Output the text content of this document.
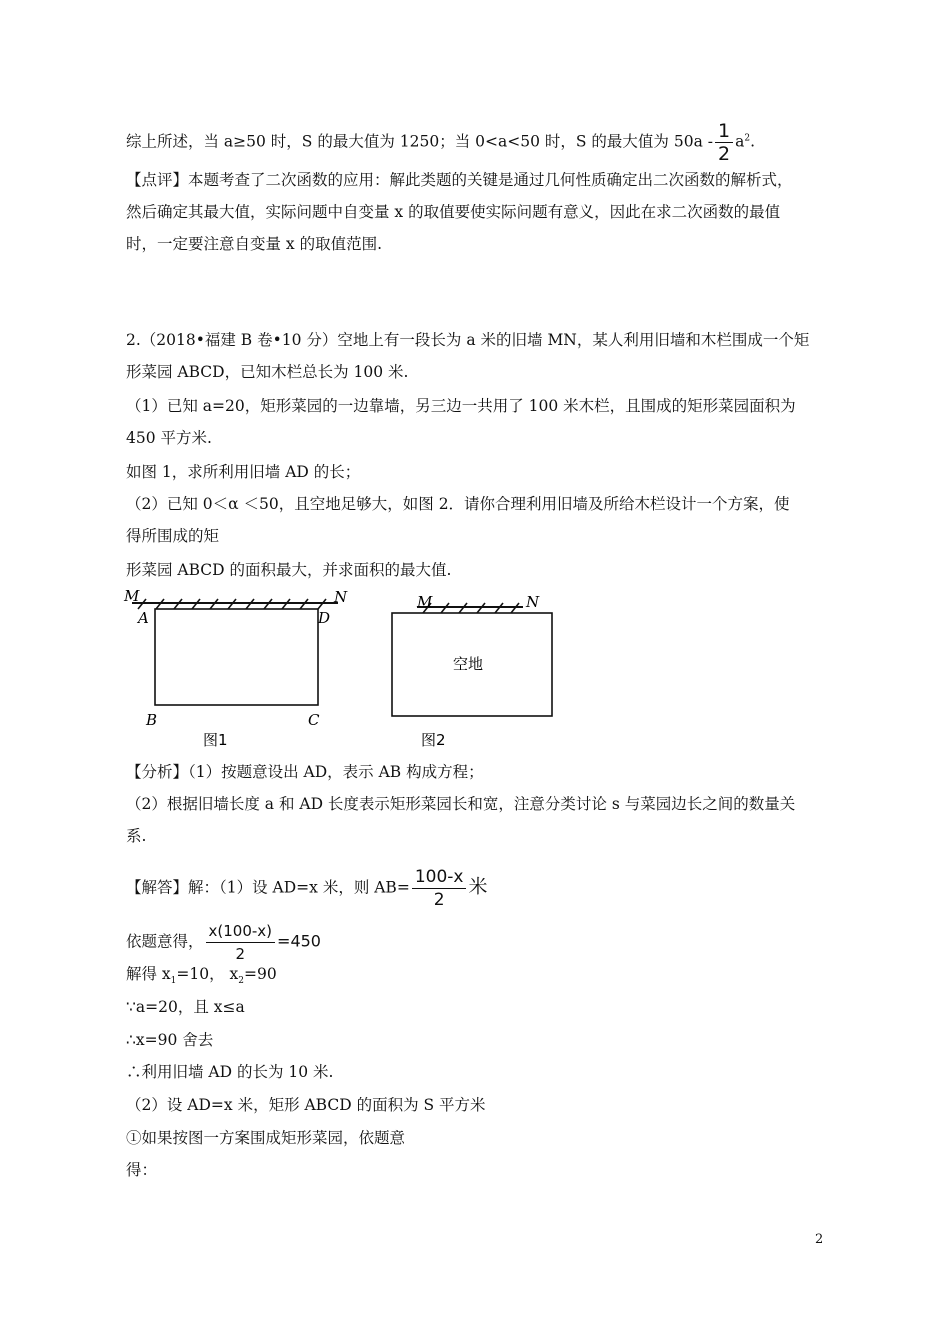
综上所述，当 a≥50 时，S 的最大值为 1250；当 0<a<50 时，S 的最大值为 $50a - \frac{1}{2} a^2$.
【点评】本题考查了二次函数的应用：解此类题的关键是通过几何性质确定出二次函数的解析式，
然后确定其最大值，实际问题中自变量 x 的取值要使实际问题有意义，因此在求二次函数的最值
时，一定要注意自变量 x 的取值范围.
2.（2018•福建 B 卷•10 分）空地上有一段长为 a 米的旧墙 MN，某人利用旧墙和木栏围成一个矩
形菜园 ABCD，已知木栏总长为 100 米.
（1）已知 a=20，矩形菜园的一边靠墙，另三边一共用了 100 米木栏，且围成的矩形菜园面积为
450 平方米.
如图 1，求所利用旧墙 AD 的长；
（2）已知 0＜α ＜50，且空地足够大，如图 2．请你合理利用旧墙及所给木栏设计一个方案，使
得所围成的矩
形菜园 ABCD 的面积最大，并求面积的最大值.
M	N
A	D
B	C
图1
M	N
空地
图2
【分析】（1）按题意设出 AD，表示 AB 构成方程；
（2）根据旧墙长度 a 和 AD 长度表示矩形菜园长和宽，注意分类讨论 s 与菜园边长之间的数量关
系.
【解答】解：（1）设 AD=x 米，则 $AB= \frac{100-x}{2}$ 米
依题意得， $\frac{x(100-x)}{2} =450$
解得 $x_1=10$， $x_2=90$
∵a=20，且 x≤a
∴x=90 舍去
∴利用旧墙 AD 的长为 10 米.
（2）设 AD=x 米，矩形 ABCD 的面积为 S 平方米
①如果按图一方案围成矩形菜园，依题意
得：
2
